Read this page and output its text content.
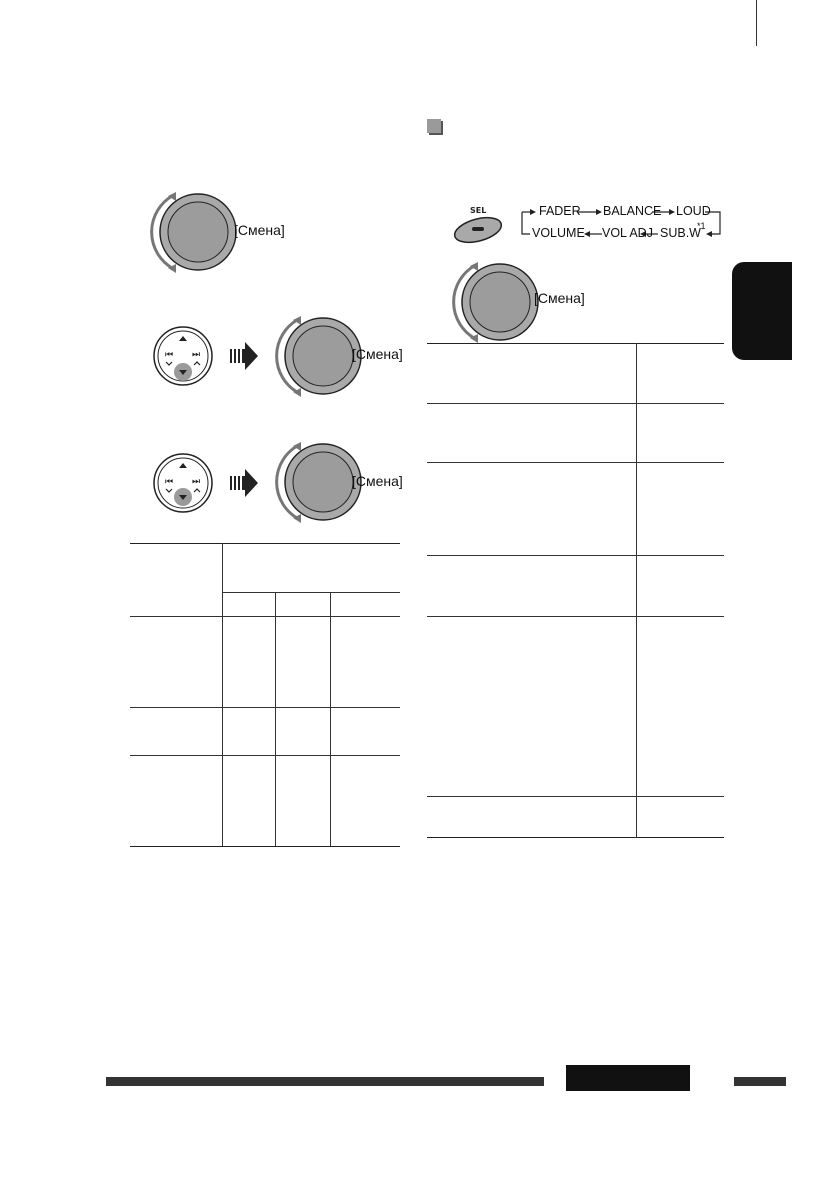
[Смена]
⏮ ⏭	[Смена]
⏮ ⏭	[Смена]
SEL	FADER BALANCE LOUD
VOLUME VOL ADJ SUB.W
*1
[Смена]
